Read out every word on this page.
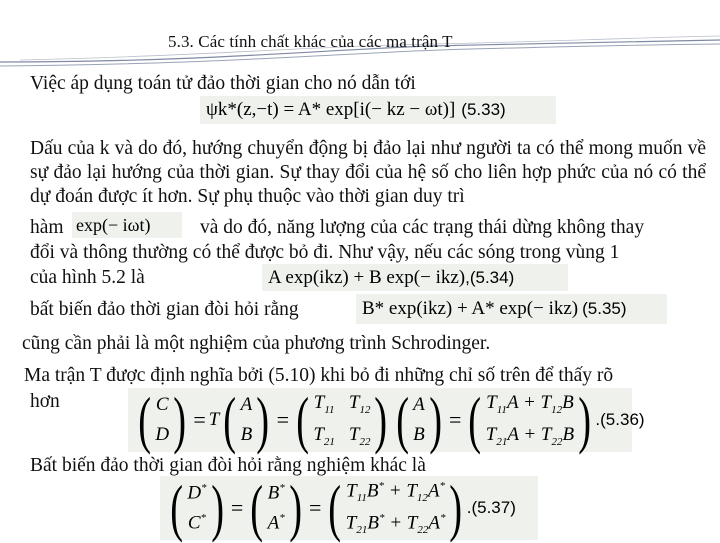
5.3. Các tính chất khác của các ma trận T
Việc áp dụng toán tử đảo thời gian cho nó dẫn tới
ψk*(z,−t) = A* exp[i(− kz − ωt)] (5.33)
Dấu của k và do đó, hướng chuyển động bị đảo lại như người ta có thể mong muốn về sự đảo lại hướng của thời gian. Sự thay đổi của hệ số cho liên hợp phức của nó có thể dự đoán được ít hơn. Sự phụ thuộc vào thời gian duy trì
hàm exp(− iωt)	và do đó, năng lượng của các trạng thái dừng không thay
đổi và thông thường có thể được bỏ đi. Như vậy, nếu các sóng trong vùng 1
của hình 5.2 là	A exp(ikz) + B exp(− ikz),(5.34)
bất biến đảo thời gian đòi hỏi rằng	B* exp(ikz) + A* exp(− ikz) (5.35)
cũng cần phải là một nghiệm của phương trình Schrodinger.
Ma trận T được định nghĩa bởi (5.10) khi bỏ đi những chỉ số trên để thấy rõ
hơn ( C
D ) = T ( A
B ) = ( $T_{11}$ $T_{12}$
$T_{21}$ $T_{22}$ ) ( A
B ) = ( $T_{11}A + T_{12}B$
$T_{21}A + T_{22}B$ ) .(5.36)
Bất biến đảo thời gian đòi hỏi rằng nghiệm khác là
( D*
C* ) = ( B*
A* ) = ( $T_{11}B^* + T_{12}A^*$
$T_{21}B^* + T_{22}A^*$ ) .(5.37)
